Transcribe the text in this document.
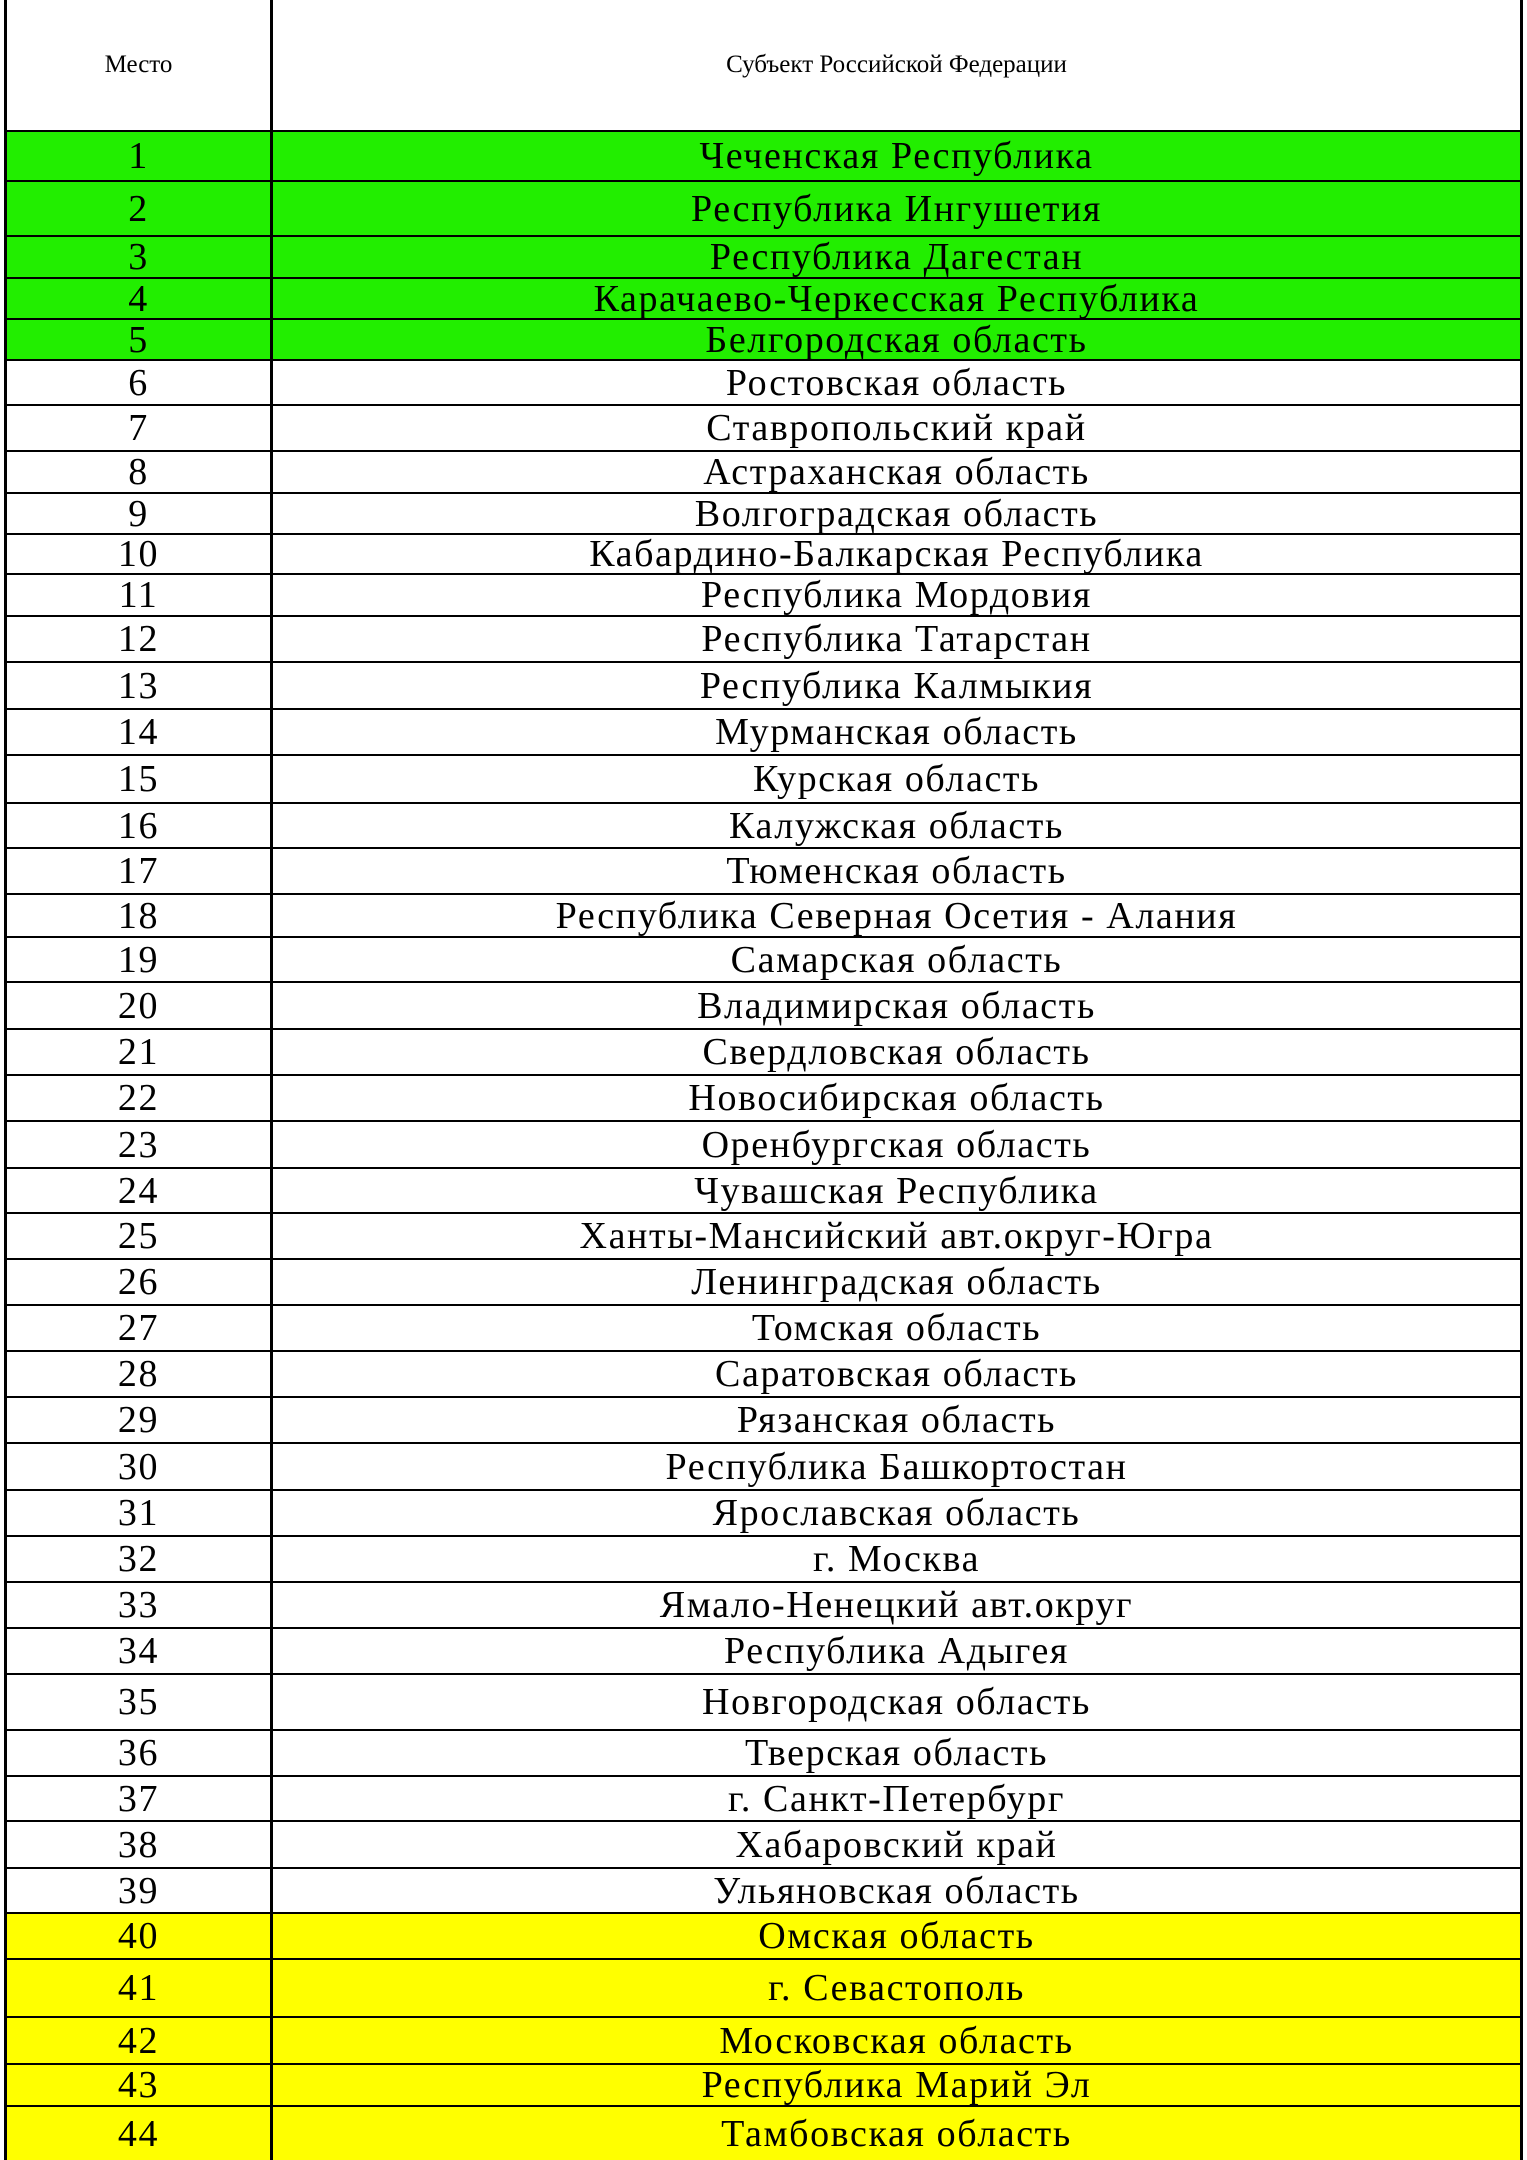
Место	Субъект Российской Федерации
1	Чеченская Республика
2	Республика Ингушетия
3	Республика Дагестан
4	Карачаево-Черкесская Республика
5	Белгородская область
6	Ростовская область
7	Ставропольский край
8	Астраханская область
9	Волгоградская область
10	Кабардино-Балкарская Республика
11	Республика Мордовия
12	Республика Татарстан
13	Республика Калмыкия
14	Мурманская область
15	Курская область
16	Калужская область
17	Тюменская область
18	Республика Северная Осетия - Алания
19	Самарская область
20	Владимирская область
21	Свердловская область
22	Новосибирская область
23	Оренбургская область
24	Чувашская Республика
25	Ханты-Мансийский авт.округ-Югра
26	Ленинградская область
27	Томская область
28	Саратовская область
29	Рязанская область
30	Республика Башкортостан
31	Ярославская область
32	г. Москва
33	Ямало-Ненецкий авт.округ
34	Республика Адыгея
35	Новгородская область
36	Тверская область
37	г. Санкт-Петербург
38	Хабаровский край
39	Ульяновская область
40	Омская область
41	г. Севастополь
42	Московская область
43	Республика Марий Эл
44	Тамбовская область
